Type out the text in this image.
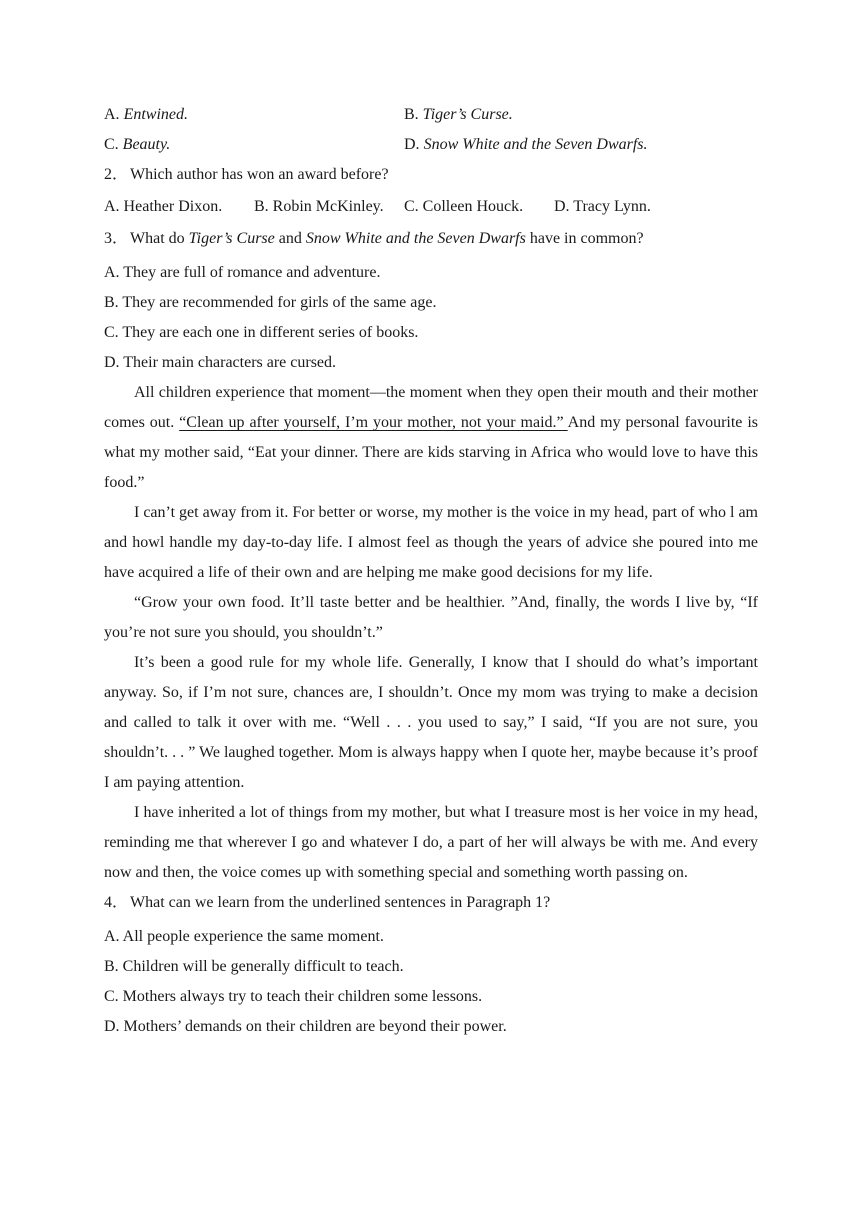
A. Entwined.	B. Tiger’s Curse.
C. Beauty.	D. Snow White and the Seven Dwarfs.
2． Which author has won an award before?
A. Heather Dixon.	B. Robin McKinley.	C. Colleen Houck.	D. Tracy Lynn.
3． What do Tiger’s Curse and Snow White and the Seven Dwarfs have in common?
A. They are full of romance and adventure.
B. They are recommended for girls of the same age.
C. They are each one in different series of books.
D. Their main characters are cursed.

All children experience that moment—the moment when they open their mouth and their mother comes out. “Clean up after yourself, I’m your mother, not your maid.” And my personal favourite is what my mother said, “Eat your dinner. There are kids starving in Africa who would love to have this food.”

I can’t get away from it. For better or worse, my mother is the voice in my head, part of who l am and howl handle my day-to-day life. I almost feel as though the years of advice she poured into me have acquired a life of their own and are helping me make good decisions for my life.

“Grow your own food. It’ll taste better and be healthier. ”And, finally, the words I live by, “If you’re not sure you should, you shouldn’t.”

It’s been a good rule for my whole life. Generally, I know that I should do what’s important anyway. So, if I’m not sure, chances are, I shouldn’t. Once my mom was trying to make a decision and called to talk it over with me. “Well . . . you used to say,” I said, “If you are not sure, you shouldn’t. . . ” We laughed together. Mom is always happy when I quote her, maybe because it’s proof I am paying attention.

I have inherited a lot of things from my mother, but what I treasure most is her voice in my head, reminding me that wherever I go and whatever I do, a part of her will always be with me. And every now and then, the voice comes up with something special and something worth passing on.

4． What can we learn from the underlined sentences in Paragraph 1?
A. All people experience the same moment.
B. Children will be generally difficult to teach.
C. Mothers always try to teach their children some lessons.
D. Mothers’ demands on their children are beyond their power.
